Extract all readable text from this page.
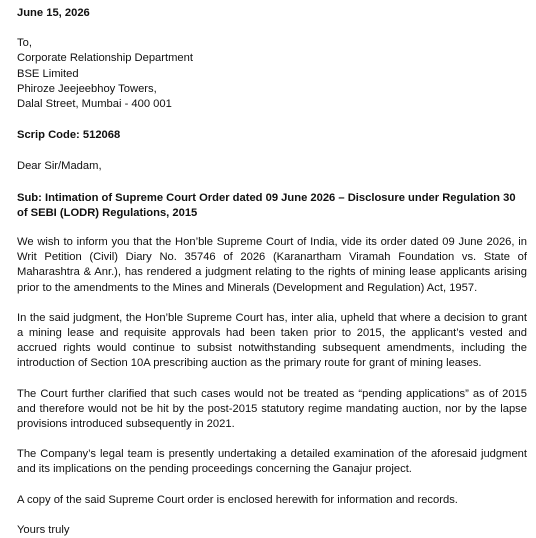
June 15, 2026

To,
Corporate Relationship Department
BSE Limited
Phiroze Jeejeebhoy Towers,
Dalal Street, Mumbai - 400 001

Scrip Code: 512068

Dear Sir/Madam,

Sub: Intimation of Supreme Court Order dated 09 June 2026 – Disclosure under Regulation 30 of SEBI (LODR) Regulations, 2015

We wish to inform you that the Hon’ble Supreme Court of India, vide its order dated 09 June 2026, in Writ Petition (Civil) Diary No. 35746 of 2026 (Karanartham Viramah Foundation vs. State of Maharashtra & Anr.), has rendered a judgment relating to the rights of mining lease applicants arising prior to the amendments to the Mines and Minerals (Development and Regulation) Act, 1957.

In the said judgment, the Hon’ble Supreme Court has, inter alia, upheld that where a decision to grant a mining lease and requisite approvals had been taken prior to 2015, the applicant’s vested and accrued rights would continue to subsist notwithstanding subsequent amendments, including the introduction of Section 10A prescribing auction as the primary route for grant of mining leases.

The Court further clarified that such cases would not be treated as “pending applications” as of 2015 and therefore would not be hit by the post-2015 statutory regime mandating auction, nor by the lapse provisions introduced subsequently in 2021.

The Company’s legal team is presently undertaking a detailed examination of the aforesaid judgment and its implications on the pending proceedings concerning the Ganajur project.

A copy of the said Supreme Court order is enclosed herewith for information and records.

Yours truly
